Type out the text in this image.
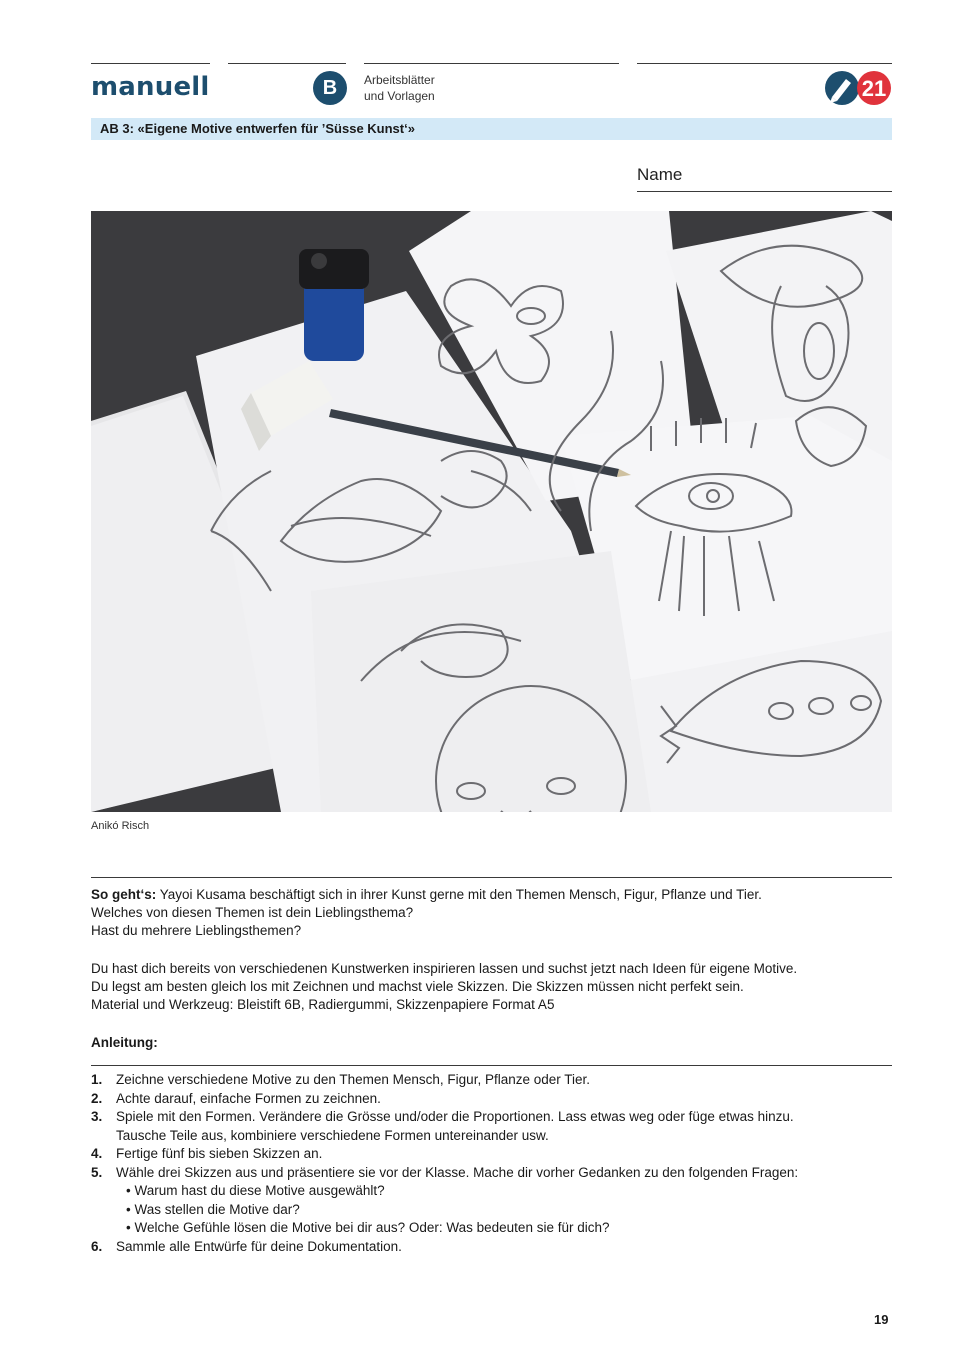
manuell	B	Arbeitsblätter
und Vorlagen	21
AB 3: «Eigene Motive entwerfen für ’Süsse Kunst‘»
Name
Anikó Risch
So geht‘s: Yayoi Kusama beschäftigt sich in ihrer Kunst gerne mit den Themen Mensch, Figur, Pflanze und Tier.
Welches von diesen Themen ist dein Lieblingsthema?
Hast du mehrere Lieblingsthemen?
Du hast dich bereits von verschiedenen Kunstwerken inspirieren lassen und suchst jetzt nach Ideen für eigene Motive.
Du legst am besten gleich los mit Zeichnen und machst viele Skizzen. Die Skizzen müssen nicht perfekt sein.
Material und Werkzeug: Bleistift 6B, Radiergummi, Skizzenpapiere Format A5
Anleitung:
1. Zeichne verschiedene Motive zu den Themen Mensch, Figur, Pflanze oder Tier.
2. Achte darauf, einfache Formen zu zeichnen.
3. Spiele mit den Formen. Verändere die Grösse und/oder die Proportionen. Lass etwas weg oder füge etwas hinzu.
Tausche Teile aus, kombiniere verschiedene Formen untereinander usw.
4. Fertige fünf bis sieben Skizzen an.
5. Wähle drei Skizzen aus und präsentiere sie vor der Klasse. Mache dir vorher Gedanken zu den folgenden Fragen:
• Warum hast du diese Motive ausgewählt?
• Was stellen die Motive dar?
• Welche Gefühle lösen die Motive bei dir aus? Oder: Was bedeuten sie für dich?
6. Sammle alle Entwürfe für deine Dokumentation.
19
